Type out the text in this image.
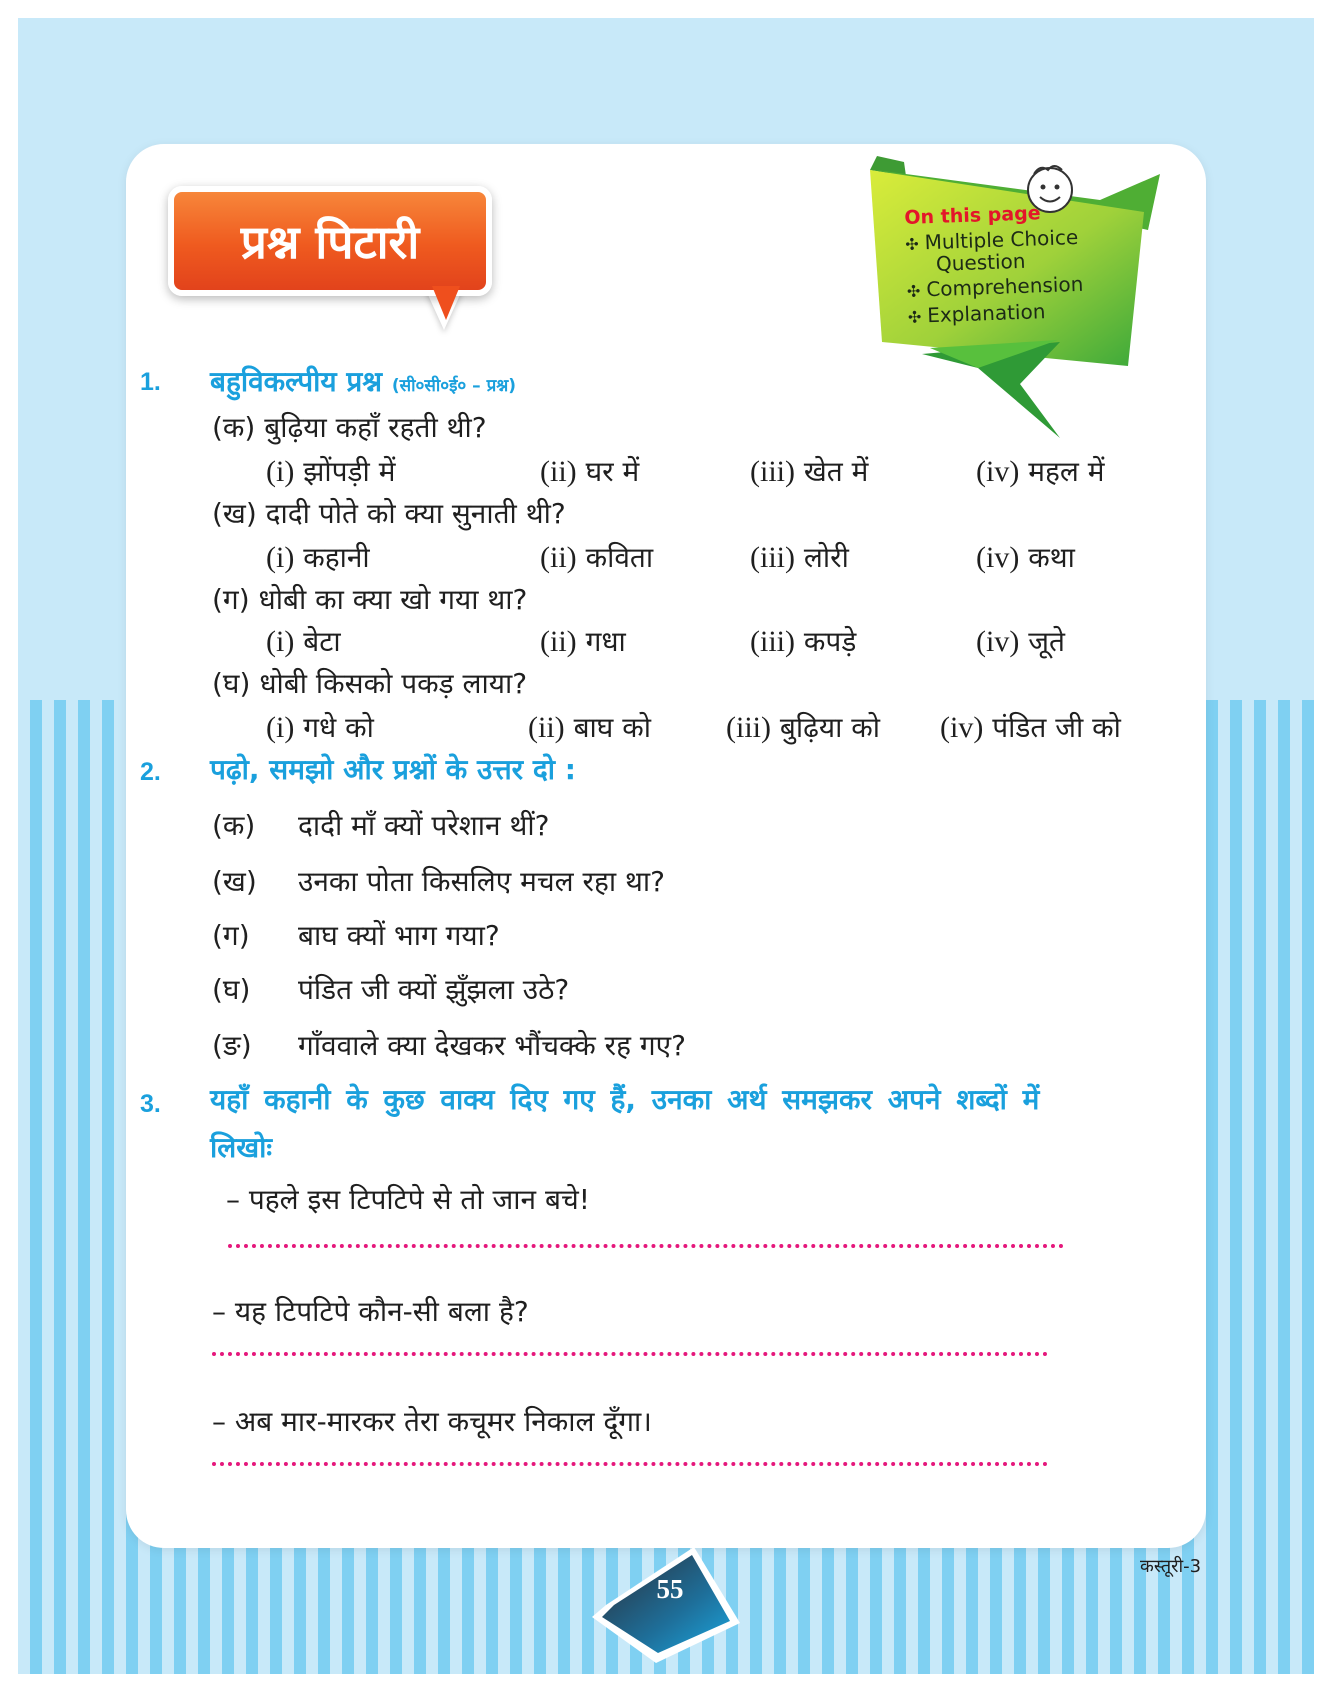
प्रश्न पिटारी	On this page
✣ Multiple Choice
Question
✣ Comprehension
✣ Explanation
1. बहुविकल्पीय प्रश्न (सी०सी०ई० – प्रश्न)
(क) बुढ़िया कहाँ रहती थी?
(i) झोंपड़ी में	(ii) घर में	(iii) खेत में	(iv) महल में
(ख) दादी पोते को क्या सुनाती थी?
(i) कहानी	(ii) कविता	(iii) लोरी	(iv) कथा
(ग) धोबी का क्या खो गया था?
(i) बेटा	(ii) गधा	(iii) कपड़े	(iv) जूते
(घ) धोबी किसको पकड़ लाया?
(i) गधे को	(ii) बाघ को (iii) बुढ़िया को (iv) पंडित जी को
2. पढ़ो, समझो और प्रश्नों के उत्तर दो :
(क) दादी माँ क्यों परेशान थीं?
(ख) उनका पोता किसलिए मचल रहा था?
(ग) बाघ क्यों भाग गया?
(घ) पंडित जी क्यों झुँझला उठे?
(ङ) गाँववाले क्या देखकर भौंचक्के रह गए?
3. यहाँ कहानी के कुछ वाक्य दिए गए हैं, उनका अर्थ समझकर अपने शब्दों में
लिखोः
– पहले इस टिपटिपे से तो जान बचे!
– यह टिपटिपे कौन-सी बला है?
– अब मार-मारकर तेरा कचूमर निकाल दूँगा।
55
कस्तूरी-3
